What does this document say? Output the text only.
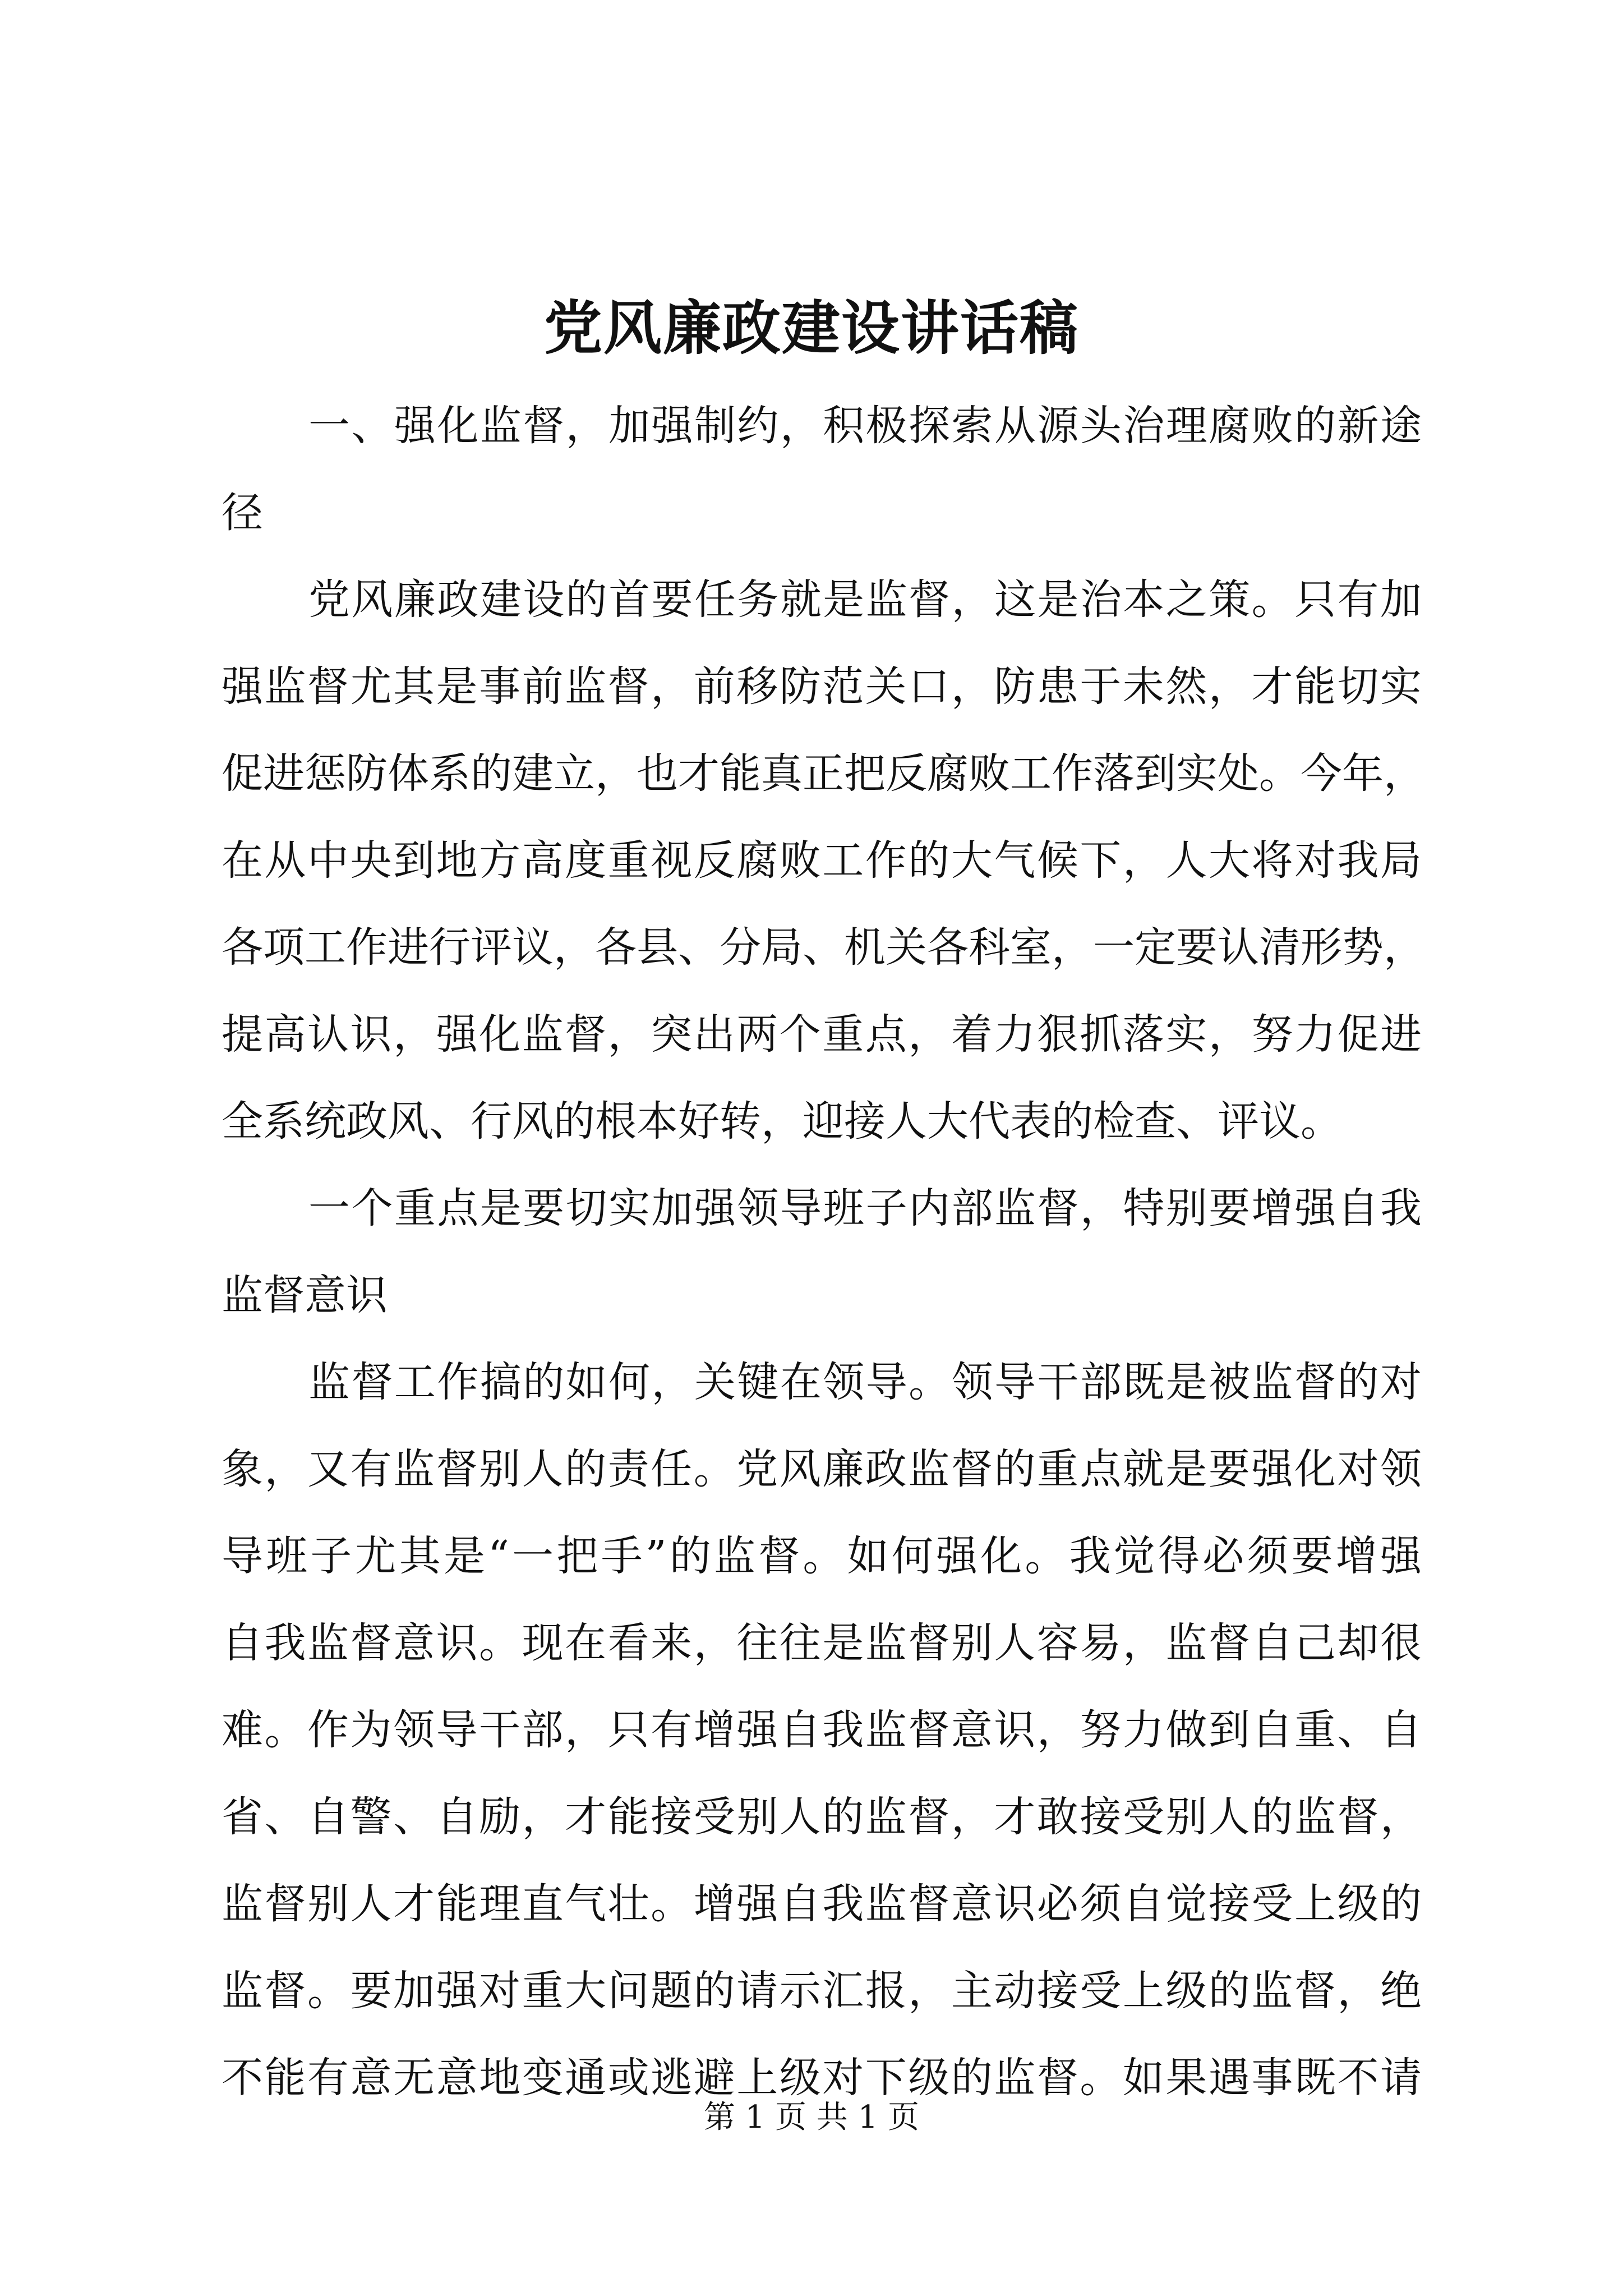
党风廉政建设讲话稿
一、强化监督，加强制约，积极探索从源头治理腐败的新途
径
党风廉政建设的首要任务就是监督，这是治本之策。只有加
强监督尤其是事前监督，前移防范关口，防患于未然，才能切实
促进惩防体系的建立，也才能真正把反腐败工作落到实处。今年，
在从中央到地方高度重视反腐败工作的大气候下，人大将对我局
各项工作进行评议，各县、分局、机关各科室，一定要认清形势，
提高认识，强化监督，突出两个重点，着力狠抓落实，努力促进
全系统政风、行风的根本好转，迎接人大代表的检查、评议。
一个重点是要切实加强领导班子内部监督，特别要增强自我
监督意识
监督工作搞的如何，关键在领导。领导干部既是被监督的对
象，又有监督别人的责任。党风廉政监督的重点就是要强化对领
导班子尤其是“一把手”的监督。如何强化。我觉得必须要增强
自我监督意识。现在看来，往往是监督别人容易，监督自己却很
难。作为领导干部，只有增强自我监督意识，努力做到自重、自
省、自警、自励，才能接受别人的监督，才敢接受别人的监督，
监督别人才能理直气壮。增强自我监督意识必须自觉接受上级的
监督。要加强对重大问题的请示汇报，主动接受上级的监督，绝
不能有意无意地变通或逃避上级对下级的监督。如果遇事既不请
第 1 页 共 1 页
